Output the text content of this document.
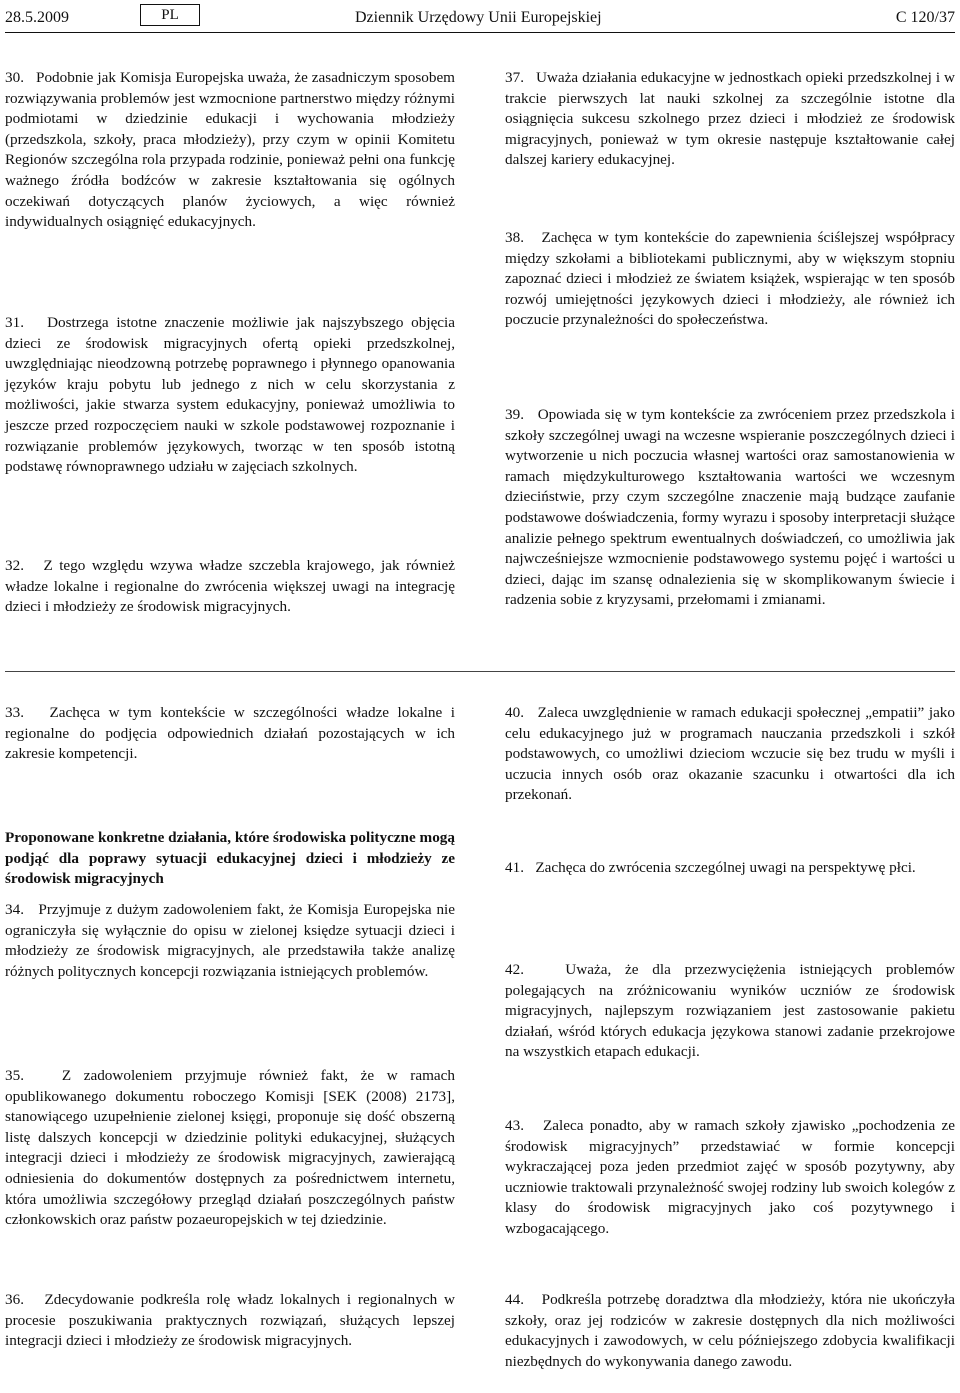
28.5.2009	PL	Dziennik Urzędowy Unii Europejskiej	C 120/37

30. Podobnie jak Komisja Europejska uważa, że zasadniczym sposobem rozwiązywania problemów jest wzmocnione partnerstwo między różnymi podmiotami w dziedzinie edukacji i wychowania młodzieży (przedszkola, szkoły, praca młodzieży), przy czym w opinii Komitetu Regionów szczególna rola przypada rodzinie, ponieważ pełni ona funkcję ważnego źródła bodźców w zakresie kształtowania się ogólnych oczekiwań dotyczących planów życiowych, a więc również indywidualnych osiągnięć edukacyjnych.

31. Dostrzega istotne znaczenie możliwie jak najszybszego objęcia dzieci ze środowisk migracyjnych ofertą opieki przedszkolnej, uwzględniając nieodzowną potrzebę poprawnego i płynnego opanowania języków kraju pobytu lub jednego z nich w celu skorzystania z możliwości, jakie stwarza system edukacyjny, ponieważ umożliwia to jeszcze przed rozpoczęciem nauki w szkole podstawowej rozpoznanie i rozwiązanie problemów językowych, tworząc w ten sposób istotną podstawę równoprawnego udziału w zajęciach szkolnych.

32. Z tego względu wzywa władze szczebla krajowego, jak również władze lokalne i regionalne do zwrócenia większej uwagi na integrację dzieci i młodzieży ze środowisk migracyjnych.

33. Zachęca w tym kontekście w szczególności władze lokalne i regionalne do podjęcia odpowiednich działań pozostających w ich zakresie kompetencji.

Proponowane konkretne działania, które środowiska polityczne mogą podjąć dla poprawy sytuacji edukacyjnej dzieci i młodzieży ze środowisk migracyjnych

34. Przyjmuje z dużym zadowoleniem fakt, że Komisja Europejska nie ograniczyła się wyłącznie do opisu w zielonej księdze sytuacji dzieci i młodzieży ze środowisk migracyjnych, ale przedstawiła także analizę różnych politycznych koncepcji rozwiązania istniejących problemów.

35. Z zadowoleniem przyjmuje również fakt, że w ramach opublikowanego dokumentu roboczego Komisji [SEK (2008) 2173], stanowiącego uzupełnienie zielonej księgi, proponuje się dość obszerną listę dalszych koncepcji w dziedzinie polityki edukacyjnej, służących integracji dzieci i młodzieży ze środowisk migracyjnych, zawierającą odniesienia do dokumentów dostępnych za pośrednictwem internetu, która umożliwia szczegółowy przegląd działań poszczególnych państw członkowskich oraz państw pozaeuropejskich w tej dziedzinie.

36. Zdecydowanie podkreśla rolę władz lokalnych i regionalnych w procesie poszukiwania praktycznych rozwiązań, służących lepszej integracji dzieci i młodzieży ze środowisk migracyjnych.

37. Uważa działania edukacyjne w jednostkach opieki przedszkolnej i w trakcie pierwszych lat nauki szkolnej za szczególnie istotne dla osiągnięcia sukcesu szkolnego przez dzieci i młodzież ze środowisk migracyjnych, ponieważ w tym okresie następuje kształtowanie całej dalszej kariery edukacyjnej.

38. Zachęca w tym kontekście do zapewnienia ściślejszej współpracy między szkołami a bibliotekami publicznymi, aby w większym stopniu zapoznać dzieci i młodzież ze światem książek, wspierając w ten sposób rozwój umiejętności językowych dzieci i młodzieży, ale również ich poczucie przynależności do społeczeństwa.

39. Opowiada się w tym kontekście za zwróceniem przez przedszkola i szkoły szczególnej uwagi na wczesne wspieranie poszczególnych dzieci i wytworzenie u nich poczucia własnej wartości oraz samostanowienia w ramach międzykulturowego kształtowania wartości we wczesnym dzieciństwie, przy czym szczególne znaczenie mają budzące zaufanie podstawowe doświadczenia, formy wyrazu i sposoby interpretacji służące analizie pełnego spektrum ewentualnych doświadczeń, co umożliwia jak najwcześniejsze wzmocnienie podstawowego systemu pojęć i wartości u dzieci, dając im szansę odnalezienia się w skomplikowanym świecie i radzenia sobie z kryzysami, przełomami i zmianami.

40. Zaleca uwzględnienie w ramach edukacji społecznej „empatii” jako celu edukacyjnego już w programach nauczania przedszkoli i szkół podstawowych, co umożliwi dzieciom wczucie się bez trudu w myśli i uczucia innych osób oraz okazanie szacunku i otwartości dla ich przekonań.

41. Zachęca do zwrócenia szczególnej uwagi na perspektywę płci.

42.	Uważa, że dla przezwyciężenia istniejących problemów polegających na zróżnicowaniu wyników uczniów ze środowisk migracyjnych, najlepszym rozwiązaniem jest zastosowanie pakietu działań, wśród których edukacja językowa stanowi zadanie przekrojowe na wszystkich etapach edukacji.

43. Zaleca ponadto, aby w ramach szkoły zjawisko „pochodzenia ze środowisk migracyjnych” przedstawiać w formie koncepcji wykraczającej poza jeden przedmiot zajęć w sposób pozytywny, aby uczniowie traktowali przynależność swojej rodziny lub swoich kolegów z klasy do środowisk migracyjnych jako coś pozytywnego i wzbogacającego.

44. Podkreśla potrzebę doradztwa dla młodzieży, która nie ukończyła szkoły, oraz jej rodziców w zakresie dostępnych dla nich możliwości edukacyjnych i zawodowych, w celu późniejszego zdobycia kwalifikacji niezbędnych do wykonywania danego zawodu.
